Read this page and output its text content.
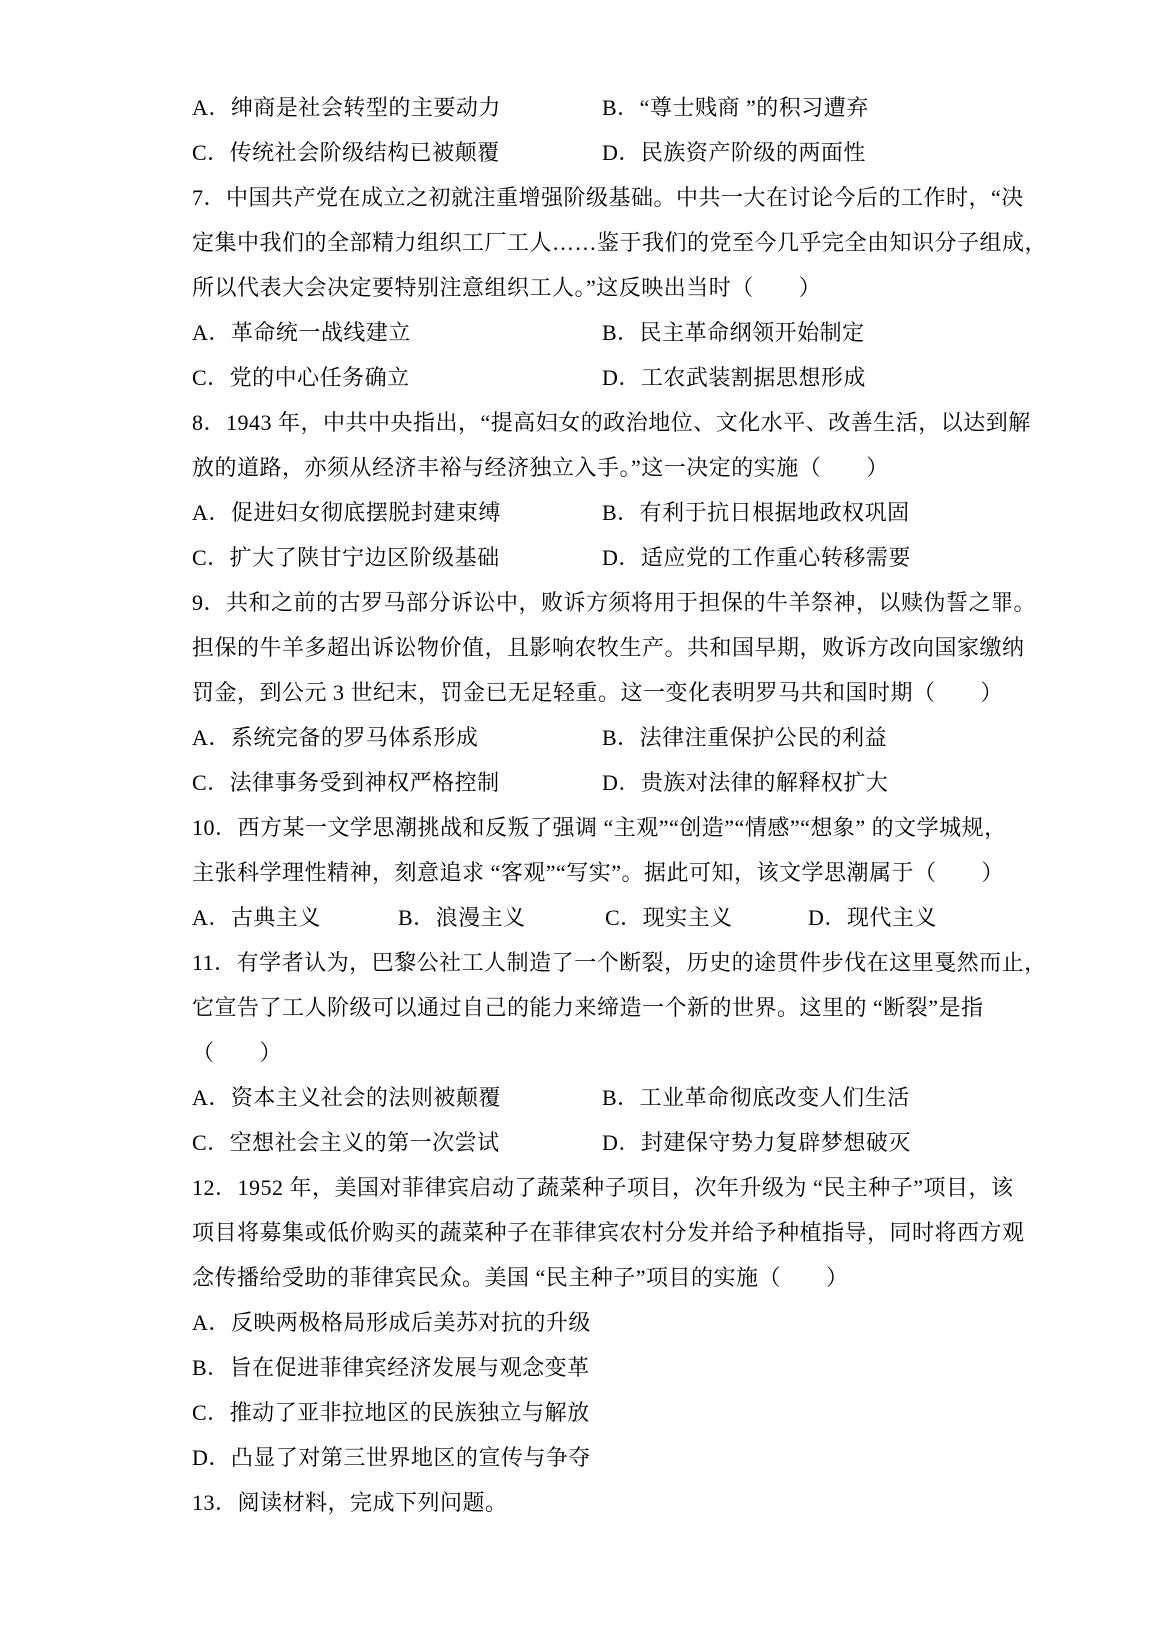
A．绅商是社会转型的主要动力	B．“尊士贱商 ”的积习遭弃
C．传统社会阶级结构已被颠覆	D．民族资产阶级的两面性
7．中国共产党在成立之初就注重增强阶级基础。中共一大在讨论今后的工作时，“决
定集中我们的全部精力组织工厂工人……鉴于我们的党至今几乎完全由知识分子组成，
所以代表大会决定要特别注意组织工人。”这反映出当时（　　）
A．革命统一战线建立	B．民主革命纲领开始制定
C．党的中心任务确立	D．工农武装割据思想形成
8．1943 年，中共中央指出，“提高妇女的政治地位、文化水平、改善生活，以达到解
放的道路，亦须从经济丰裕与经济独立入手。”这一决定的实施（　　）
A．促进妇女彻底摆脱封建束缚	B．有利于抗日根据地政权巩固
C．扩大了陕甘宁边区阶级基础	D．适应党的工作重心转移需要
9．共和之前的古罗马部分诉讼中，败诉方须将用于担保的牛羊祭神，以赎伪誓之罪。
担保的牛羊多超出诉讼物价值，且影响农牧生产。共和国早期，败诉方改向国家缴纳
罚金，到公元 3 世纪末，罚金已无足轻重。这一变化表明罗马共和国时期（　　）
A．系统完备的罗马体系形成	B．法律注重保护公民的利益
C．法律事务受到神权严格控制	D．贵族对法律的解释权扩大
10．西方某一文学思潮挑战和反叛了强调 “主观”“创造”“情感”“想象” 的文学城规，
主张科学理性精神，刻意追求 “客观”“写实”。据此可知，该文学思潮属于（　　）
A．古典主义	B．浪漫主义	C．现实主义	D．现代主义
11．有学者认为，巴黎公社工人制造了一个断裂，历史的途贯件步伐在这里戛然而止，
它宣告了工人阶级可以通过自己的能力来缔造一个新的世界。这里的 “断裂”是指
（　　）
A．资本主义社会的法则被颠覆	B．工业革命彻底改变人们生活
C．空想社会主义的第一次尝试	D．封建保守势力复辟梦想破灭
12．1952 年，美国对菲律宾启动了蔬菜种子项目，次年升级为 “民主种子”项目，该
项目将募集或低价购买的蔬菜种子在菲律宾农村分发并给予种植指导，同时将西方观
念传播给受助的菲律宾民众。美国 “民主种子”项目的实施（　　）
A．反映两极格局形成后美苏对抗的升级
B．旨在促进菲律宾经济发展与观念变革
C．推动了亚非拉地区的民族独立与解放
D．凸显了对第三世界地区的宣传与争夺
13．阅读材料，完成下列问题。
